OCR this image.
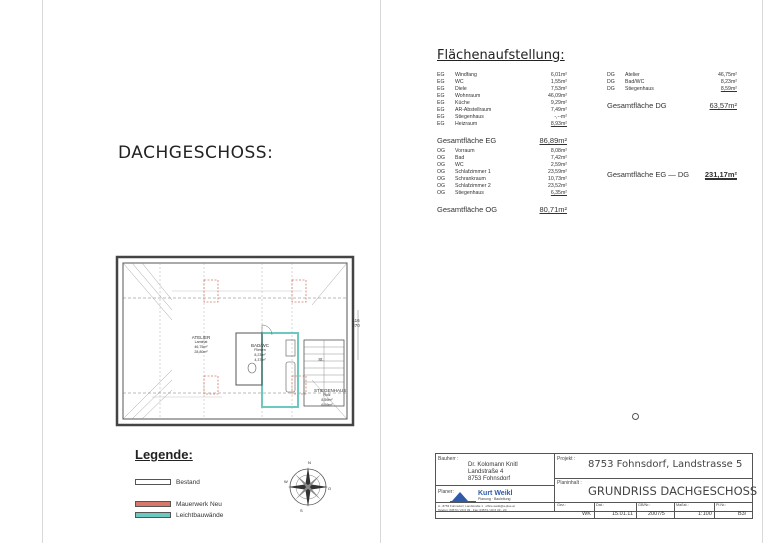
DACHGESCHOSS:
Flächenaufstellung:
EG Windfang	6,01m²
EG WC	1,55m²
EG Diele	7,53m²
EG Wohnraum	46,09m²
EG Küche	9,29m²
EG AR-Abstellraum	7,49m²
EG Stiegenhaus	-,--m²
EG Heizraum	8,93m²
Gesamtfläche EG	86,89m²
OG Vorraum	8,08m²
OG Bad	7,42m²
OG WC	2,59m²
OG Schlafzimmer 1	23,59m²
OG Schrankraum	10,73m²
OG Schlafzimmer 2	23,52m²
OG Stiegenhaus	6,35m²
Gesamtfläche OG	80,71m²
DG Atelier	46,75m²
DG Bad/WC	8,23m²
DG Stiegenhaus	8,59m²
Gesamtfläche DG	63,57m²
Gesamtfläche EG — DG 231,17m²
ATELIER
Laminat
46,75m²
28,80m²
BAD/WC
Fliesen
8,23m²
4,37m²
STIEGENHAUS
Holz
8,59m²
6,59m²
116
270
St.
Legende:
Bestand
Mauerwerk Neu
Leichtbauwände
N
O
S
W
Bauherr :
Dr. Kolomann Knitl
Landstraße 4
8753 Fohnsdorf
Projekt : 8753 Fohnsdorf, Landstrasse 5
Planinhalt :
GRUNDRISS DACHGESCHOSS
Planer:	Kurt Weikl
Planung · Bauleitung
A - 8753 Fohnsdorf, Landstraße 1 · office.weikl@a-plus.at
Telefon: 03573 / 20 6 33 · Fax: 03573 / 20 6 33 - 20
Gez.:
WK
Dat.:
15.01.11
GB/Nr.:
2007/5
Maßst.:
1:100
Pl.Nr.:
B3/
